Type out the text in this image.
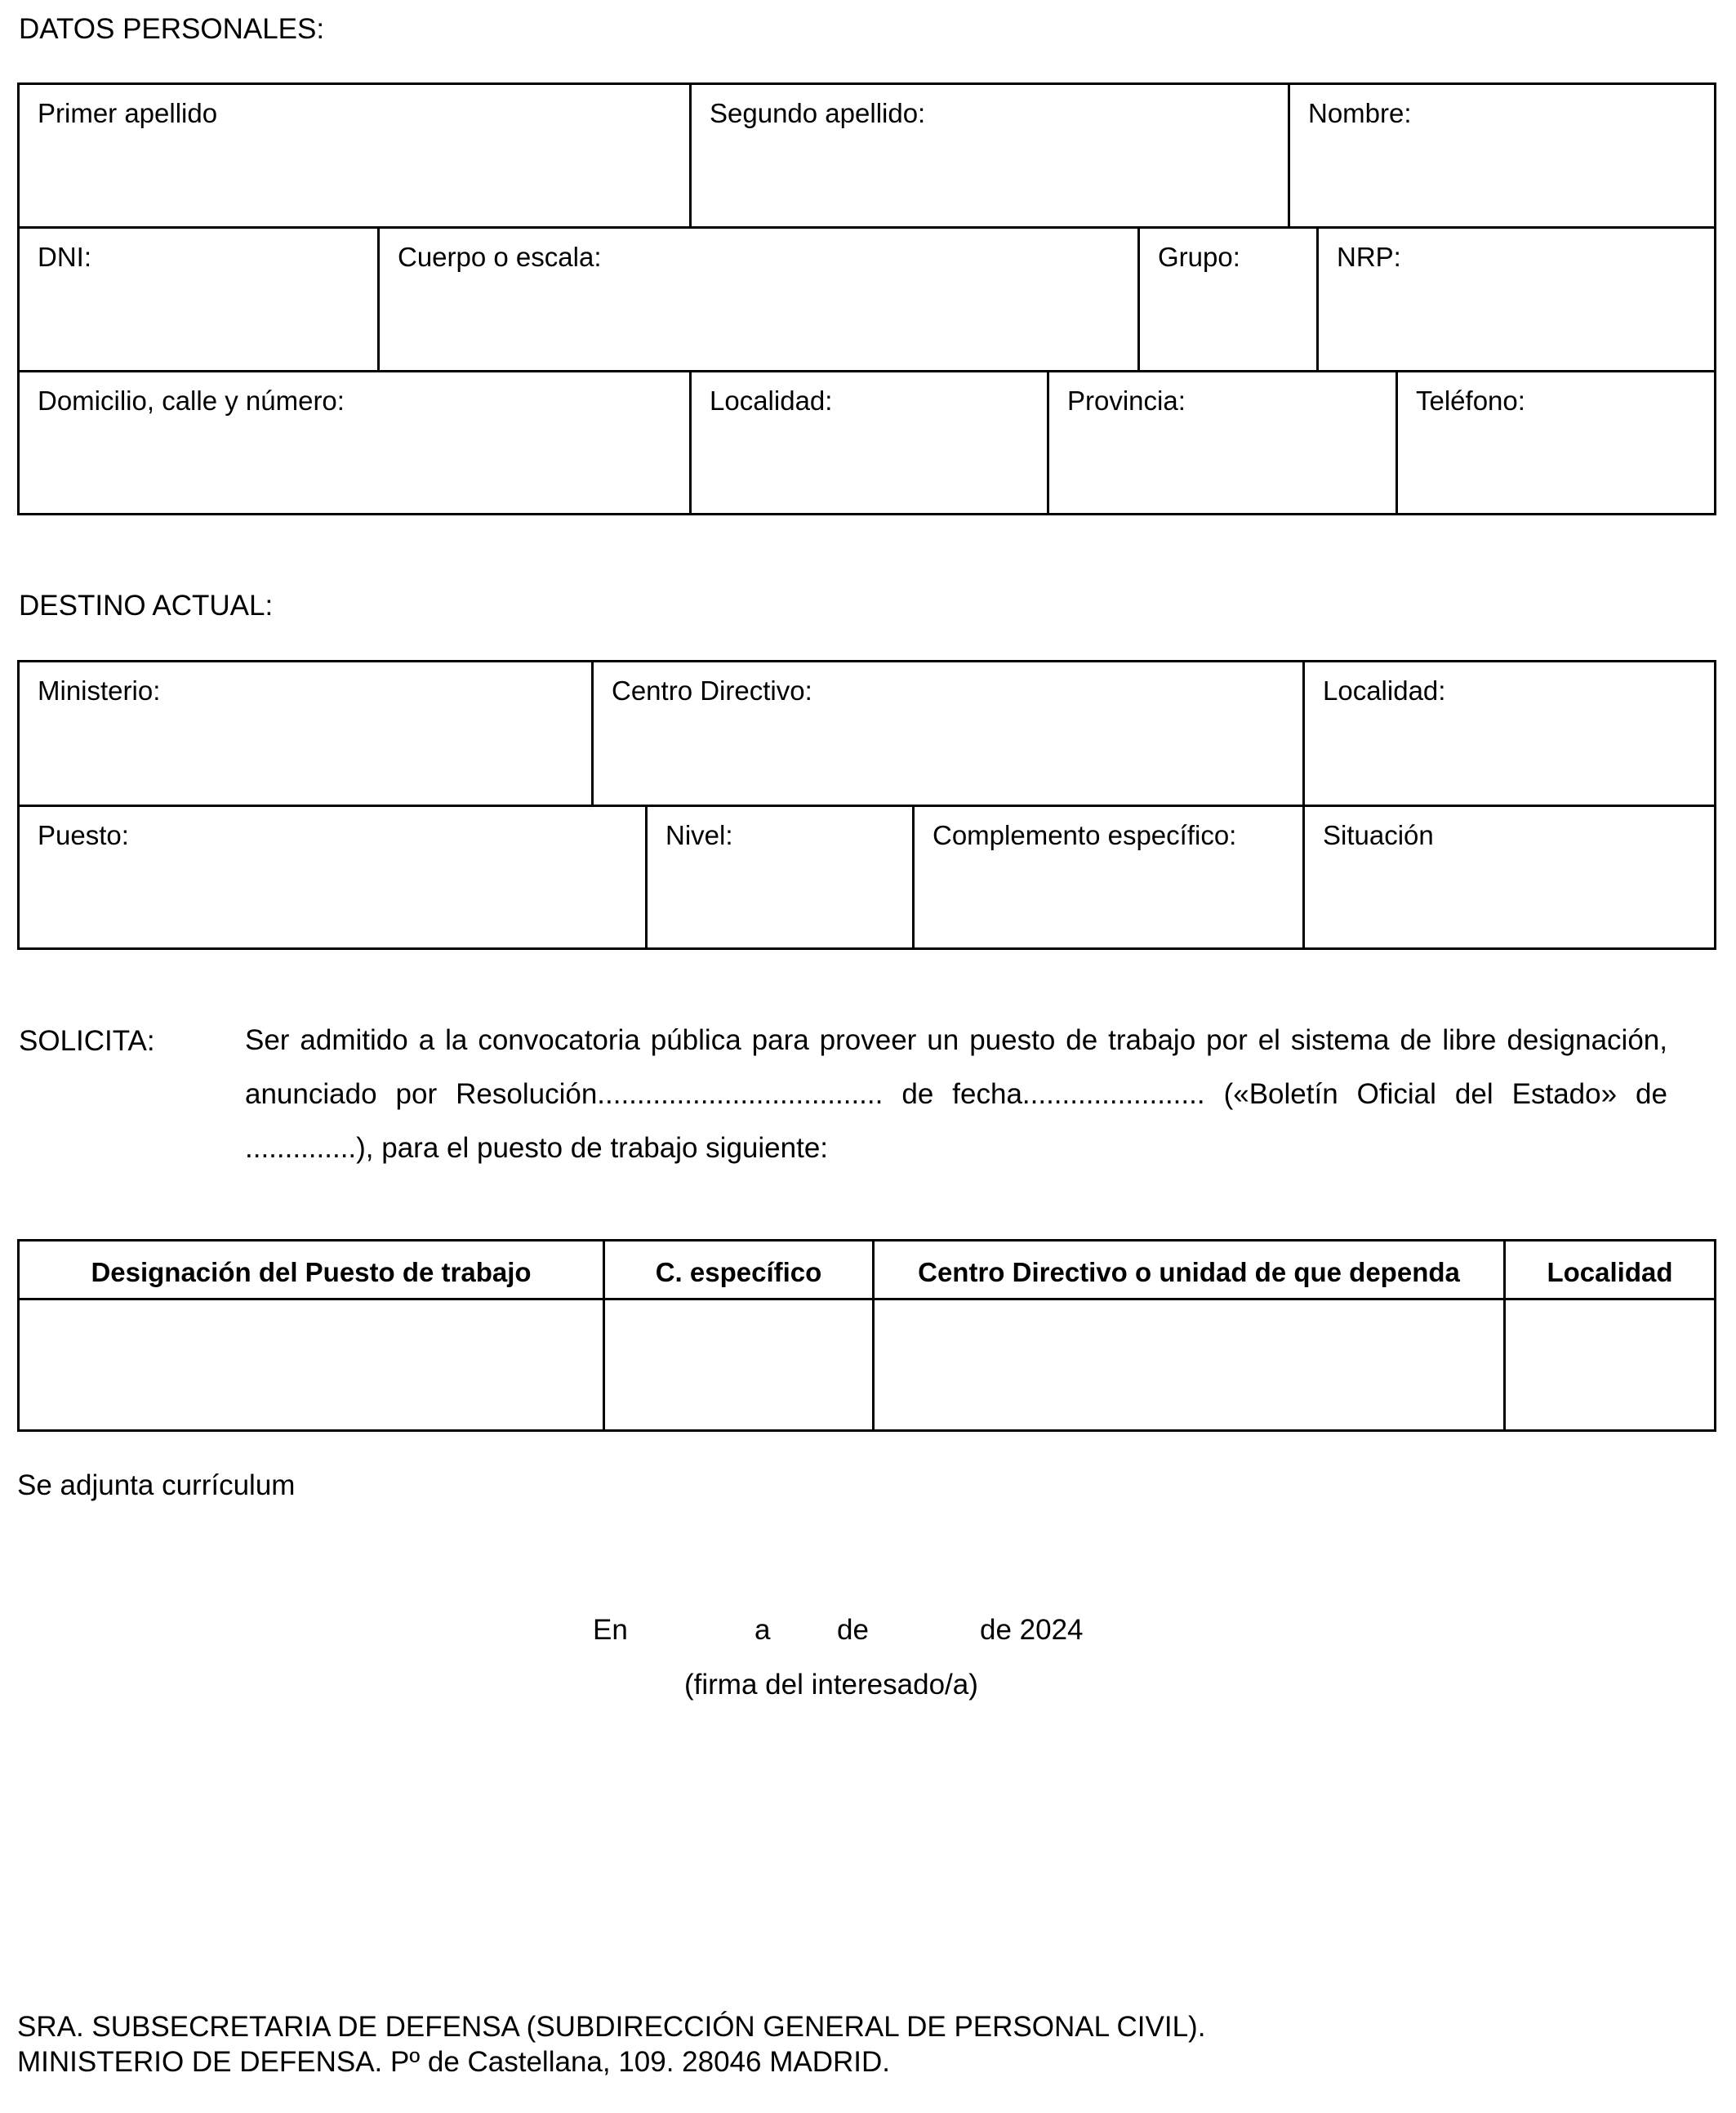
DATOS PERSONALES:
Primer apellido	Segundo apellido:	Nombre:
DNI:	Cuerpo o escala:	Grupo:	NRP:
Domicilio, calle y número:	Localidad:	Provincia:	Teléfono:
DESTINO ACTUAL:
Ministerio:	Centro Directivo:	Localidad:
Puesto:	Nivel:	Complemento específico:	Situación
SOLICITA:	Ser admitido a la convocatoria pública para proveer un puesto de trabajo por el sistema de libre designación, anunciado por Resolución.................................... de fecha....................... («Boletín Oficial del Estado» de ..............), para el puesto de trabajo siguiente:
Designación del Puesto de trabajo	C. específico	Centro Directivo o unidad de que dependa	Localidad
Se adjunta currículum
En	a de	de 2024
(firma del interesado/a)
SRA. SUBSECRETARIA DE DEFENSA (SUBDIRECCIÓN GENERAL DE PERSONAL CIVIL).
MINISTERIO DE DEFENSA. Pº de Castellana, 109. 28046 MADRID.
